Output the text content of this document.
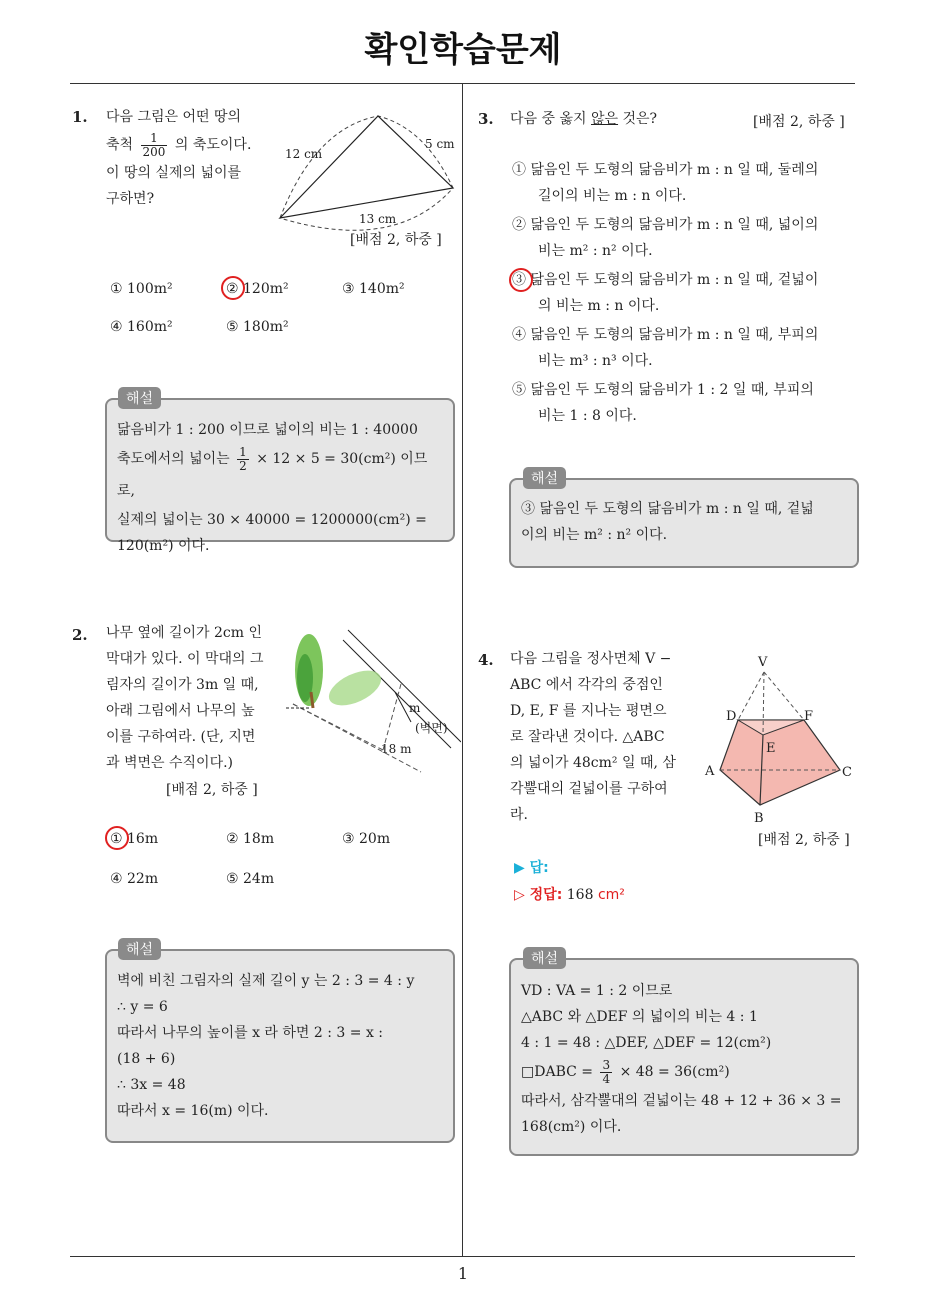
확인학습문제
1
1. 다음 그림은 어떤 땅의
축척 $\frac{1}{200}$ 의 축도이다.
이 땅의 실제의 넓이를
구하면?
12 cm
5 cm
13 cm
[배점 2, 하중 ]
① 100m²	② 120m²	③ 140m²
④ 160m²	⑤ 180m²
해설
닮음비가 1 : 200 이므로 넓이의 비는 1 : 40000
축도에서의 넓이는 $\frac{1}{2} \times 12 \times 5 = 30(cm^2)$ 이므로,
실제의 넓이는 30 × 40000 = 1200000(cm²) =
120(m²) 이다.
2. 나무 옆에 길이가 2cm 인
막대가 있다. 이 막대의 그
림자의 길이가 3m 일 때,
아래 그림에서 나무의 높
이를 구하여라. (단, 지면
과 벽면은 수직이다.)
[배점 2, 하중 ]
m
(벽면)
18 m
① 16m	② 18m	③ 20m
④ 22m	⑤ 24m
해설
벽에 비친 그림자의 실제 길이 y 는 2 : 3 = 4 : y
∴ y = 6
따라서 나무의 높이를 x 라 하면 2 : 3 = x :
(18 + 6)
∴ 3x = 48
따라서 x = 16(m) 이다.
3. 다음 중 옳지 않은 것은?	[배점 2, 하중 ]
① 닮음인 두 도형의 닮음비가 m : n 일 때, 둘레의
길이의 비는 m : n 이다.
② 닮음인 두 도형의 닮음비가 m : n 일 때, 넓이의
비는 m² : n² 이다.
③ 닮음인 두 도형의 닮음비가 m : n 일 때, 겉넓이
의 비는 m : n 이다.
④ 닮음인 두 도형의 닮음비가 m : n 일 때, 부피의
비는 m³ : n³ 이다.
⑤ 닮음인 두 도형의 닮음비가 1 : 2 일 때, 부피의
비는 1 : 8 이다.
해설
③ 닮음인 두 도형의 닮음비가 m : n 일 때, 겉넓
이의 비는 m² : n² 이다.
4. 다음 그림을 정사면체 V −
ABC 에서 각각의 중점인
D, E, F 를 지나는 평면으
로 잘라낸 것이다. △ABC
의 넓이가 48cm² 일 때, 삼
각뿔대의 겉넓이를 구하여
라.
V
D	F
E
A	C
B
[배점 2, 하중 ]
▶ 답:
▷ 정답: 168 cm²
해설
VD : VA = 1 : 2 이므로
△ABC 와 △DEF 의 넓이의 비는 4 : 1
4 : 1 = 48 : △DEF, △DEF = 12(cm²)
□DABC = $\frac{3}{4} \times 48 = 36(cm^2)$
따라서, 삼각뿔대의 겉넓이는 48 + 12 + 36 × 3 =
168(cm²) 이다.
